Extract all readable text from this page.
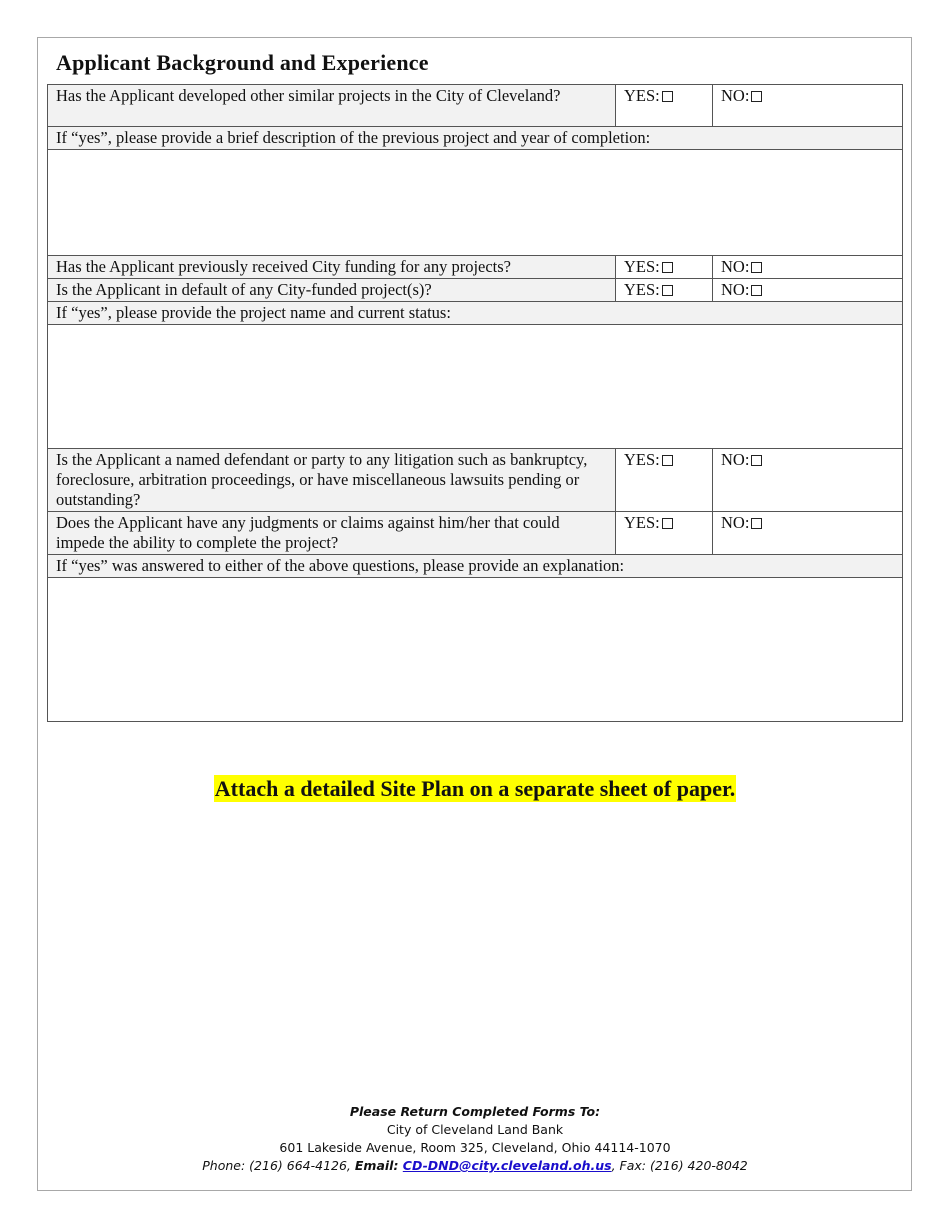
Applicant Background and Experience
Has the Applicant developed other similar projects in the City of Cleveland?	YES:	NO:
If “yes”, please provide a brief description of the previous project and year of completion:		

Has the Applicant previously received City funding for any projects?	YES:	NO:
Is the Applicant in default of any City-funded project(s)?	YES:	NO:
If “yes”, please provide the project name and current status:		

Is the Applicant a named defendant or party to any litigation such as bankruptcy, foreclosure, arbitration proceedings, or have miscellaneous lawsuits pending or outstanding?	YES:	NO:
Does the Applicant have any judgments or claims against him/her that could impede the ability to complete the project?	YES:	NO:
If “yes” was answered to either of the above questions, please provide an explanation:		

Attach a detailed Site Plan on a separate sheet of paper.
Please Return Completed Forms To:
City of Cleveland Land Bank
601 Lakeside Avenue, Room 325, Cleveland, Ohio 44114-1070
Phone: (216) 664-4126, Email: CD-DND@city.cleveland.oh.us, Fax: (216) 420-8042
